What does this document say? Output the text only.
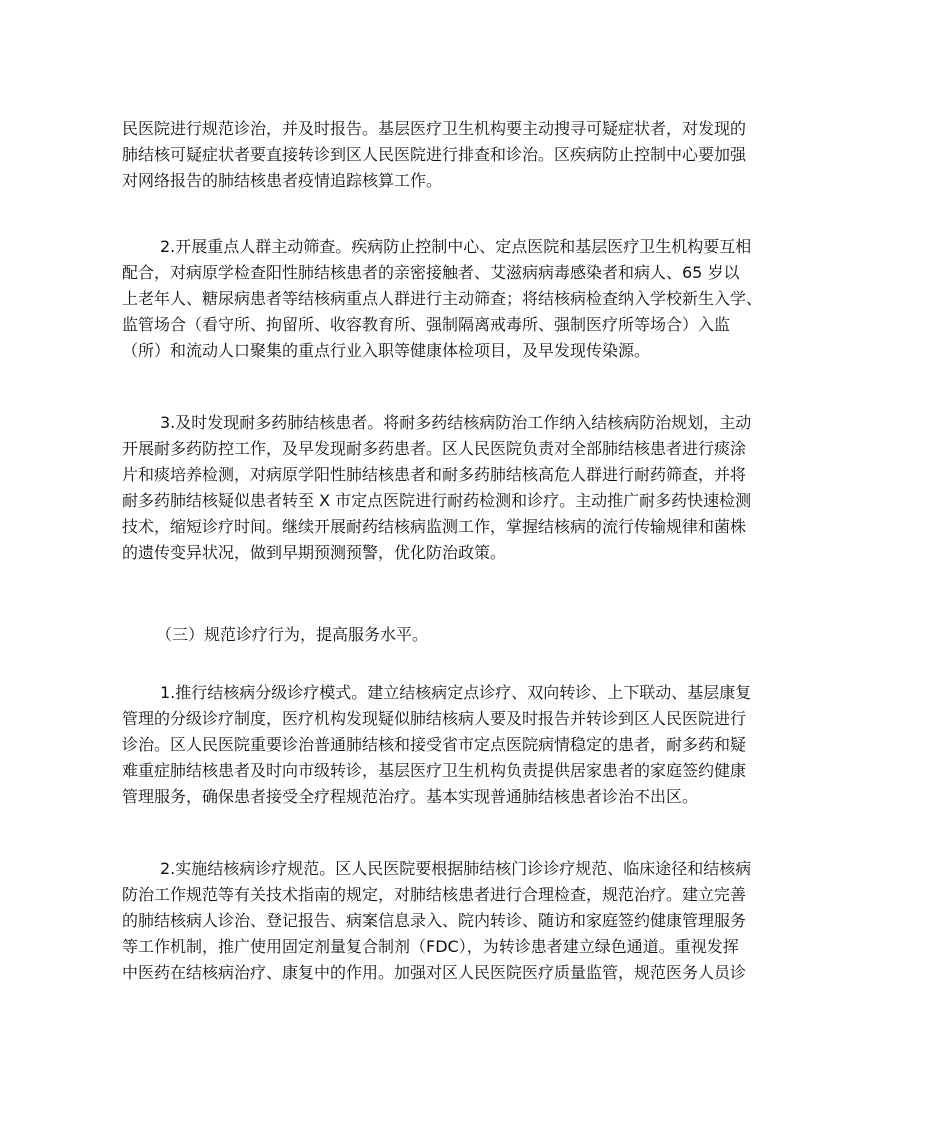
民医院进行规范诊治，并及时报告。基层医疗卫生机构要主动搜寻可疑症状者，对发现的
肺结核可疑症状者要直接转诊到区人民医院进行排查和诊治。区疾病防止控制中心要加强
对网络报告的肺结核患者疫情追踪核算工作。
2.开展重点人群主动筛查。疾病防止控制中心、定点医院和基层医疗卫生机构要互相
配合，对病原学检查阳性肺结核患者的亲密接触者、艾滋病病毒感染者和病人、65 岁以
上老年人、糖尿病患者等结核病重点人群进行主动筛查；将结核病检查纳入学校新生入学、
监管场合（看守所、拘留所、收容教育所、强制隔离戒毒所、强制医疗所等场合）入监
（所）和流动人口聚集的重点行业入职等健康体检项目，及早发现传染源。
3.及时发现耐多药肺结核患者。将耐多药结核病防治工作纳入结核病防治规划，主动
开展耐多药防控工作，及早发现耐多药患者。区人民医院负责对全部肺结核患者进行痰涂
片和痰培养检测，对病原学阳性肺结核患者和耐多药肺结核高危人群进行耐药筛查，并将
耐多药肺结核疑似患者转至 X 市定点医院进行耐药检测和诊疗。主动推广耐多药快速检测
技术，缩短诊疗时间。继续开展耐药结核病监测工作，掌握结核病的流行传输规律和菌株
的遗传变异状况，做到早期预测预警，优化防治政策。
（三）规范诊疗行为，提高服务水平。
1.推行结核病分级诊疗模式。建立结核病定点诊疗、双向转诊、上下联动、基层康复
管理的分级诊疗制度，医疗机构发现疑似肺结核病人要及时报告并转诊到区人民医院进行
诊治。区人民医院重要诊治普通肺结核和接受省市定点医院病情稳定的患者，耐多药和疑
难重症肺结核患者及时向市级转诊，基层医疗卫生机构负责提供居家患者的家庭签约健康
管理服务，确保患者接受全疗程规范治疗。基本实现普通肺结核患者诊治不出区。
2.实施结核病诊疗规范。区人民医院要根据肺结核门诊诊疗规范、临床途径和结核病
防治工作规范等有关技术指南的规定，对肺结核患者进行合理检查，规范治疗。建立完善
的肺结核病人诊治、登记报告、病案信息录入、院内转诊、随访和家庭签约健康管理服务
等工作机制，推广使用固定剂量复合制剂（FDC），为转诊患者建立绿色通道。重视发挥
中医药在结核病治疗、康复中的作用。加强对区人民医院医疗质量监管，规范医务人员诊
